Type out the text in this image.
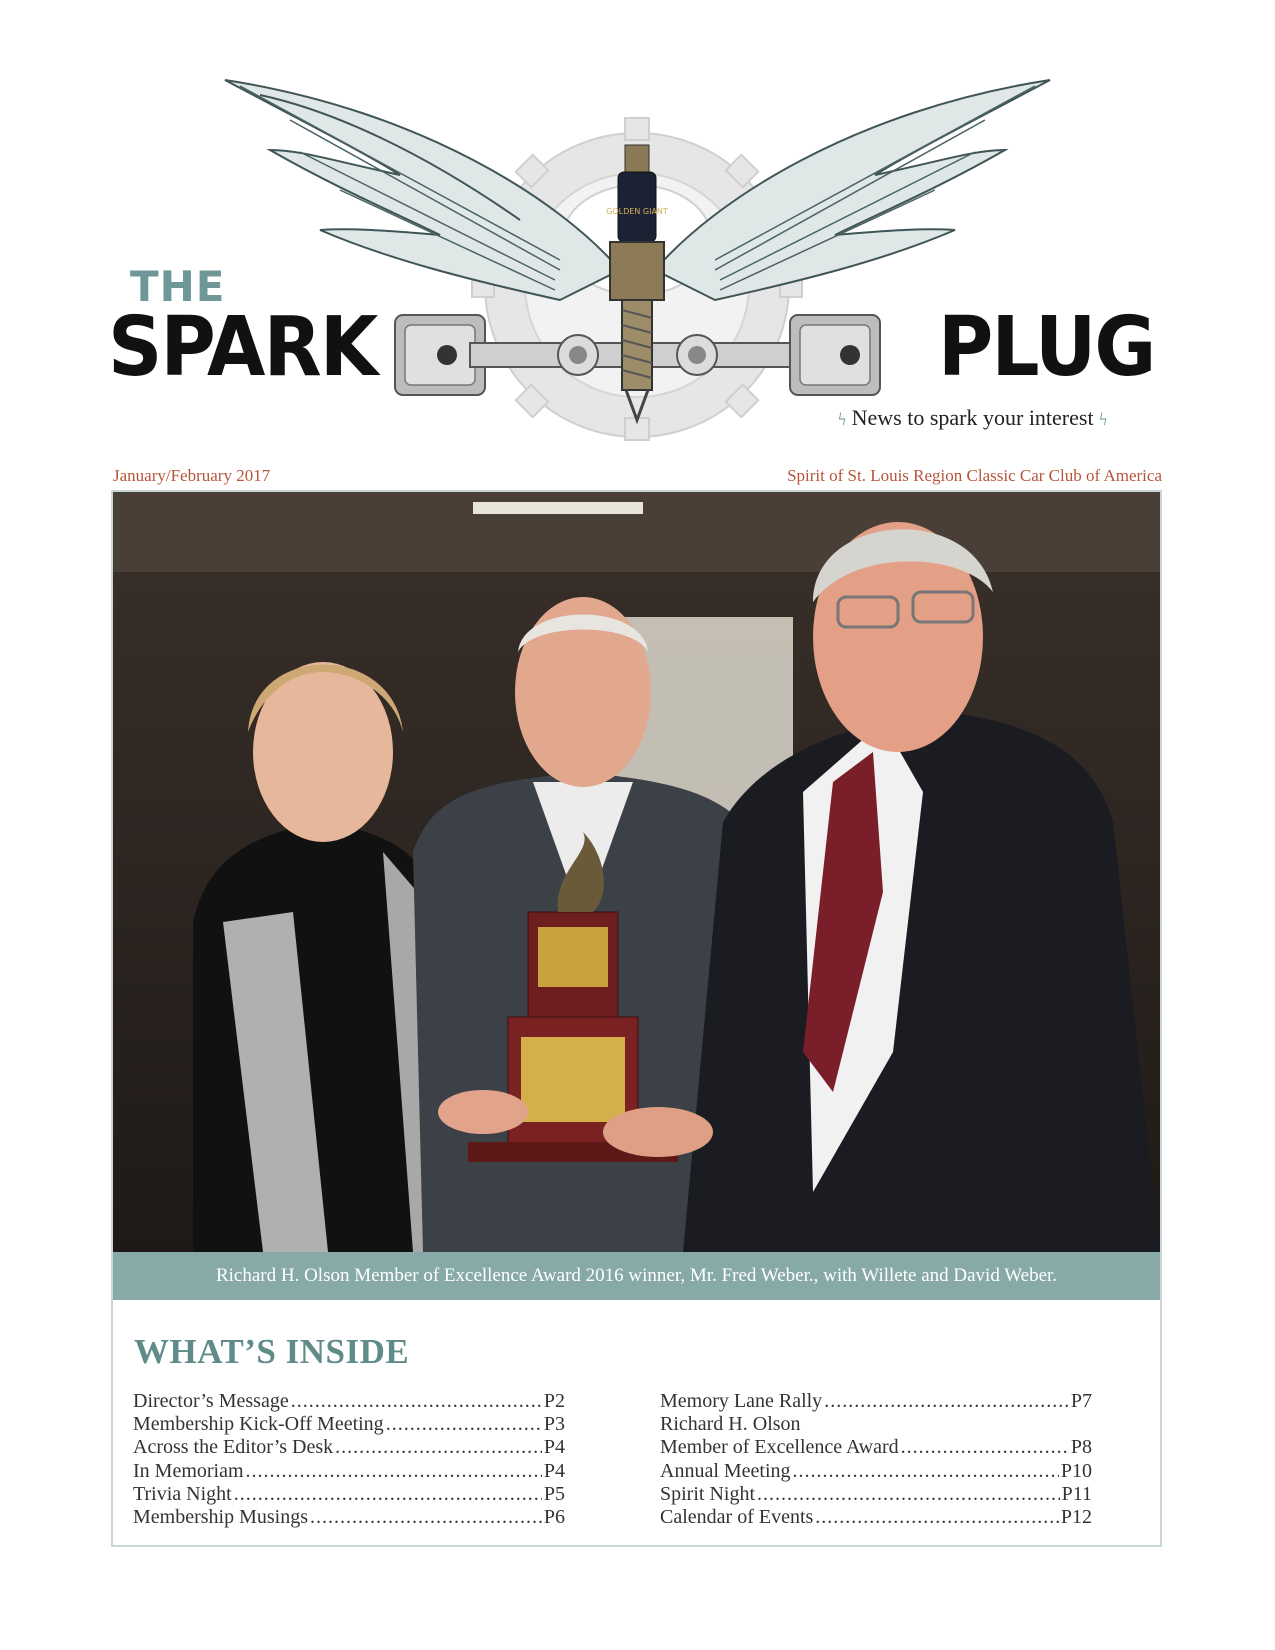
GOLDEN GIANT
THE
SPARK	PLUG
ϟ News to spark your interest ϟ
January/February 2017	Spirit of St. Louis Region Classic Car Club of America
Richard H. Olson Member of Excellence Award 2016 winner, Mr. Fred Weber., with Willete and David Weber.
WHAT’S INSIDE
Director’s Message .....	P2
Membership Kick-Off Meeting .....	P3
Across the Editor’s Desk .....	P4
In Memoriam .....	P4
Trivia Night .....	P5
Membership Musings .....	P6
Memory Lane Rally .....	P7
Richard H. Olson
Member of Excellence Award .....	P8
Annual Meeting .....	P10
Spirit Night .....	P11
Calendar of Events .....	P12
